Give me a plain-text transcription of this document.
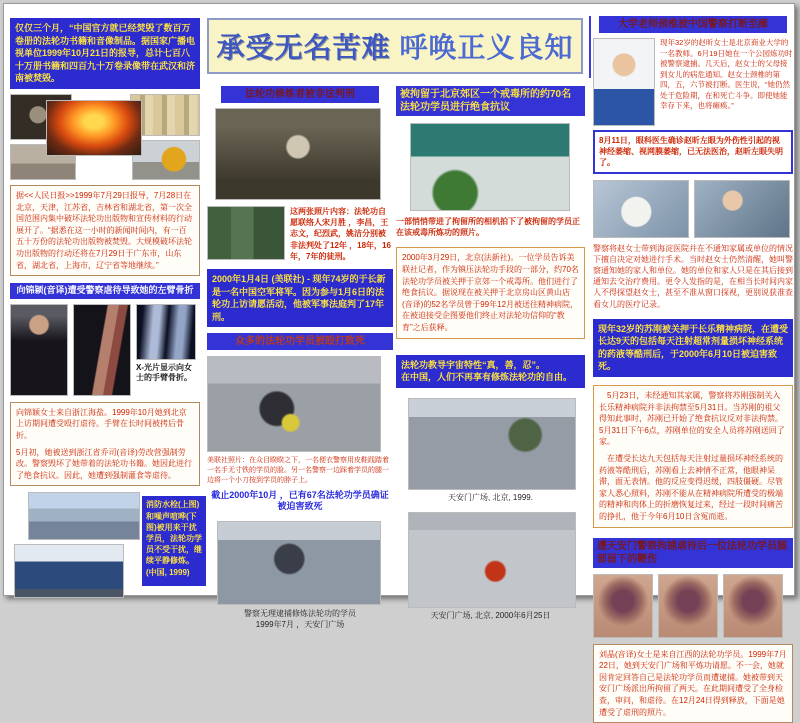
承受无名苦难 呼唤正义良知
仅仅三个月，“中国官方就已经焚毁了数百万卷册的法轮功书籍和音像制品。据国家广播电视单位1999年10月21日的报导，总计七百八十万册书籍和四百九十万卷录像带在武汉和济南被焚毁。
据<<人民日报>>1999年7月29日报导，7月28日在北京，天津，江苏省，吉林省和湖北省，第一次全国范围内集中破坏法轮功出版物和宣传材料的行动展开了。“据悉在这一小时的新闻时间内，有一百五十万份的法轮功出版物被焚毁。大规模破坏法轮功出版物的行动还将在7月29日于广东市，山东省，湖北省，上海市，辽宁省等地继续。”
向锦颖(音译)遭受警察虐待导致她的左臂骨折
X-光片显示向女士的手臂骨折。

向锦颖女士来自浙江海盐。1999年10月她到北京上访期间遭受殴打虐待。手臂在长时间被拷后骨折。

5月初，她被送到浙江省乔司(音译)劳改营强制劳改。警察毁坏了她带着的法轮功书籍。她因此进行了绝食抗议。因此，她遭到强制灌食等虐待。

消防水栓(上图)和噪声喧哗(下图)被用来干扰学员，法轮功学员不受干扰，继续平静修炼。 (中国, 1999)
法轮功修炼者被非法判刑
这两张照片内容：法轮功自愿联络人宋月胜 ，李昌，王志文，纪烈武，姚洁分别被非法判处了12年 ，18年，16年，7年的徒刑。
2000年1月4日 (美联社) - 现年74岁的于长新是一名中国空军将军。因为参与1月6日的法轮功上访请愿活动，他被军事法庭判了17年刑。
众多的法轮功学员被殴打致死
美联社照片：在众目睽睽之下，一名便衣警察用皮鞋践踏着一名手无寸铁的学员的脸。另一名警察一边踩着学员的腿一边将一个小刀按到学员的脖子上。
截止2000年10月 ，已有67名法轮功学员确证被迫害致死
警察无理逮捕修炼法轮功的学员
1999年7月 ，天安门广场
被拘留于北京郊区一个戒毒所的约70名法轮功学员进行绝食抗议
一部悄悄带进了拘留所的相机拍下了被拘留的学员正在该戒毒所炼功的照片。
2000年3月29日，北京(法新社)。一位学员告诉美联社记者，作为镇压法轮功手段的一部分，约70名法轮功学员被关押于京郊一个戒毒所。他们进行了绝食抗议。据说现在被关押于北京房山区黄山店(音译)的52名学员曾于99年12月被送往精神病院，在被迫接受企图要他们终止对法轮功信仰的“教育”之后获释。
法轮功教导宇宙特性“真，善，忍”。
在中国，人们不再享有修炼法轮功的自由。
天安门广场, 北京, 1999.
天安门广场, 北京, 2000年6月25日
大学老师颈椎被中国警察打断至瘫
现年32岁的赵昕女士是北京商业大学的一名教师。6月19日她在一个公园炼功时被警察逮捕。几天后，赵女士的父母接到女儿的病危通知。赵女士颈椎的第四，五，六节被打断。医生说，“她仍然处于危险期，在和死亡斗争。即使她能幸存下来，也将瘫痪。”
8月11日，眼科医生确诊赵昕左眼为外伤性引起的视神经萎缩、视网膜萎缩，已无法医治，赵昕左眼失明了。
警察将赵女士带到海淀医院并在不通知家属或单位的情况下擅自决定对她进行手术。当时赵女士仍然清醒，她叫警察通知她的家人和单位。她的单位和家人只是在其后接到通知去交治疗费用。更令人发指的是，在相当长时间内家人不得探望赵女士，甚至不准从窗口探视，更别说获准查看女儿的医疗记录。
现年32岁的苏刚被关押于长乐精神病院，在遭受长达9天的包括每天注射超常剂量损坏神经系统的药液等酷刑后，于2000年6月10日被迫害致死。

5月23日，未经通知其家属，警察将苏刚强制关入长乐精神病院并非法拘禁至5月31日。当苏刚的祖父得知此事时，苏刚已开始了绝食抗议反对非法拘禁。5月31日下午6点，苏刚单位的安全人员将苏刚送回了家。

在遭受长达九天包括每天注射过量损坏神经系统的药液等酷刑后，苏刚看上去神情不正常，他眼神呆滞，面无表情。他的反应变得迟缓，四肢僵硬。尽管家人悉心照料，苏刚不能从在精神病院所遭受的极端的精神和肉体上的折磨恢复过来，经过一段时间痛苦的挣扎，他于今年6月10日含冤而逝。

遭天安门警察拘捕虐待后一位法轮功学员腿部留下的鞭伤
刘晶(音译)女士是来自江西的法轮功学员。1999年7月22日，她到天安门广场和平炼功请愿。不一会，她就因肯定回答自己是法轮功学员而遭逮捕。她被带到天安门广场派出所拘留了两天。在此期间遭受了全身检查，审问，和虐待。在12月24日得到释放，下面是她遭受了虐刑的照片。
